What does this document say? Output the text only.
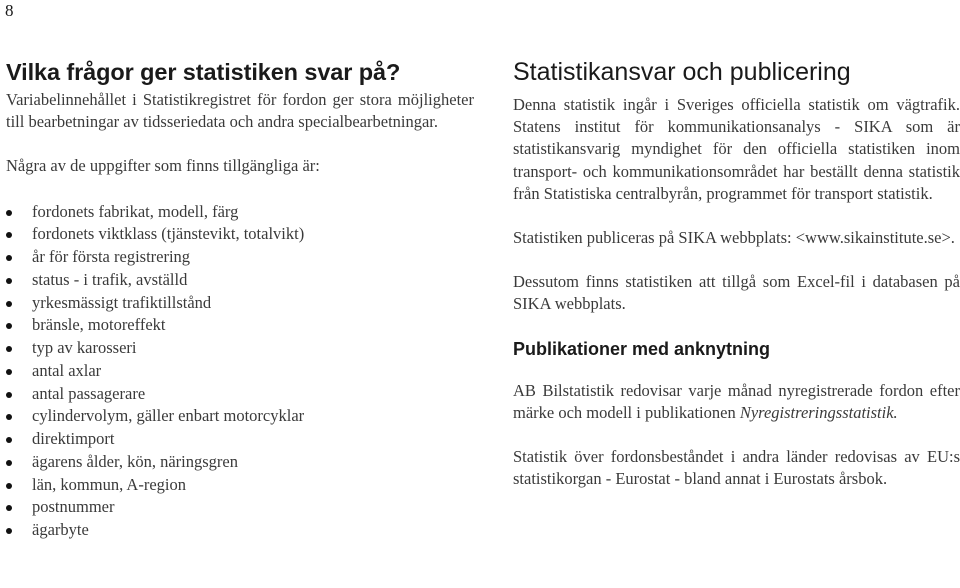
8
Vilka frågor ger statistiken svar på?

Variabelinnehållet i Statistikregistret för fordon ger stora möjligheter till bearbetningar av tidsseriedata och andra specialbearbetningar.

Några av de uppgifter som finns tillgängliga är:

fordonets fabrikat, modell, färg
fordonets viktklass (tjänstevikt, totalvikt)
år för första registrering
status - i trafik, avställd
yrkesmässigt trafiktillstånd
bränsle, motoreffekt
typ av karosseri
antal axlar
antal passagerare
cylindervolym, gäller enbart motorcyklar
direktimport
ägarens ålder, kön, näringsgren
län, kommun, A-region
postnummer
ägarbyte
Statistikansvar och publicering

Denna statistik ingår i Sveriges officiella statistik om vägtrafik. Statens institut för kommunikationsanalys - SIKA som är statistikansvarig myndighet för den officiella statistiken inom transport- och kommunikationsområdet har beställt denna statistik från Statistiska centralbyrån, programmet för transport statistik.

Statistiken publiceras på SIKA webbplats: <www.sikainstitute.se>.

Dessutom finns statistiken att tillgå som Excel-fil i databasen på SIKA webbplats.

Publikationer med anknytning

AB Bilstatistik redovisar varje månad nyregistrerade fordon efter märke och modell i publikationen Nyregistreringsstatistik.

Statistik över fordonsbeståndet i andra länder redovisas av EU:s statistikorgan - Eurostat - bland annat i Eurostats årsbok.
